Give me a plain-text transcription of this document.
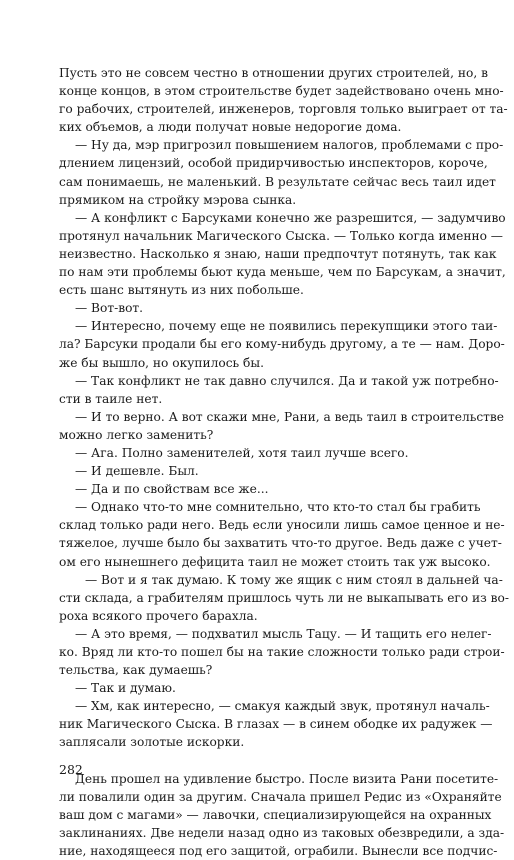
Пусть это не совсем честно в отношении других строителей, но, в
конце концов, в этом строительстве будет задействовано очень мно-
го рабочих, строителей, инженеров, торговля только выиграет от та-
ких объемов, а люди получат новые недорогие дома.
— Ну да, мэр пригрозил повышением налогов, проблемами с про-
длением лицензий, особой придирчивостью инспекторов, короче,
сам понимаешь, не маленький. В результате сейчас весь таил идет
прямиком на стройку мэрова сынка.
— А конфликт с Барсуками конечно же разрешится, — задумчиво
протянул начальник Магического Сыска. — Только когда именно —
неизвестно. Насколько я знаю, наши предпочтут потянуть, так как
по нам эти проблемы бьют куда меньше, чем по Барсукам, а значит,
есть шанс вытянуть из них побольше.
— Вот-вот.
— Интересно, почему еще не появились перекупщики этого таи-
ла? Барсуки продали бы его кому-нибудь другому, а те — нам. Доро-
же бы вышло, но окупилось бы.
— Так конфликт не так давно случился. Да и такой уж потребно-
сти в таиле нет.
— И то верно. А вот скажи мне, Рани, а ведь таил в строительстве
можно легко заменить?
— Ага. Полно заменителей, хотя таил лучше всего.
— И дешевле. Был.
— Да и по свойствам все же...
— Однако что-то мне сомнительно, что кто-то стал бы грабить
склад только ради него. Ведь если уносили лишь самое ценное и не-
тяжелое, лучше было бы захватить что-то другое. Ведь даже с учет-
ом его нынешнего дефицита таил не может стоить так уж высоко.
— Вот и я так думаю. К тому же ящик с ним стоял в дальней ча-
сти склада, а грабителям пришлось чуть ли не выкапывать его из во-
роха всякого прочего барахла.
— А это время, — подхватил мысль Тацу. — И тащить его нелег-
ко. Вряд ли кто-то пошел бы на такие сложности только ради строи-
тельства, как думаешь?
— Так и думаю.
— Хм, как интересно, — смакуя каждый звук, протянул началь-
ник Магического Сыска. В глазах — в синем ободке их радужек —
заплясали золотые искорки.
День прошел на удивление быстро. После визита Рани посетите-
ли повалили один за другим. Сначала пришел Редис из «Охраняйте
ваш дом с магами» — лавочки, специализирующейся на охранных
заклинаниях. Две недели назад одно из таковых обезвредили, а зда-
ние, находящееся под его защитой, ограбили. Вынесли все подчис-
282
